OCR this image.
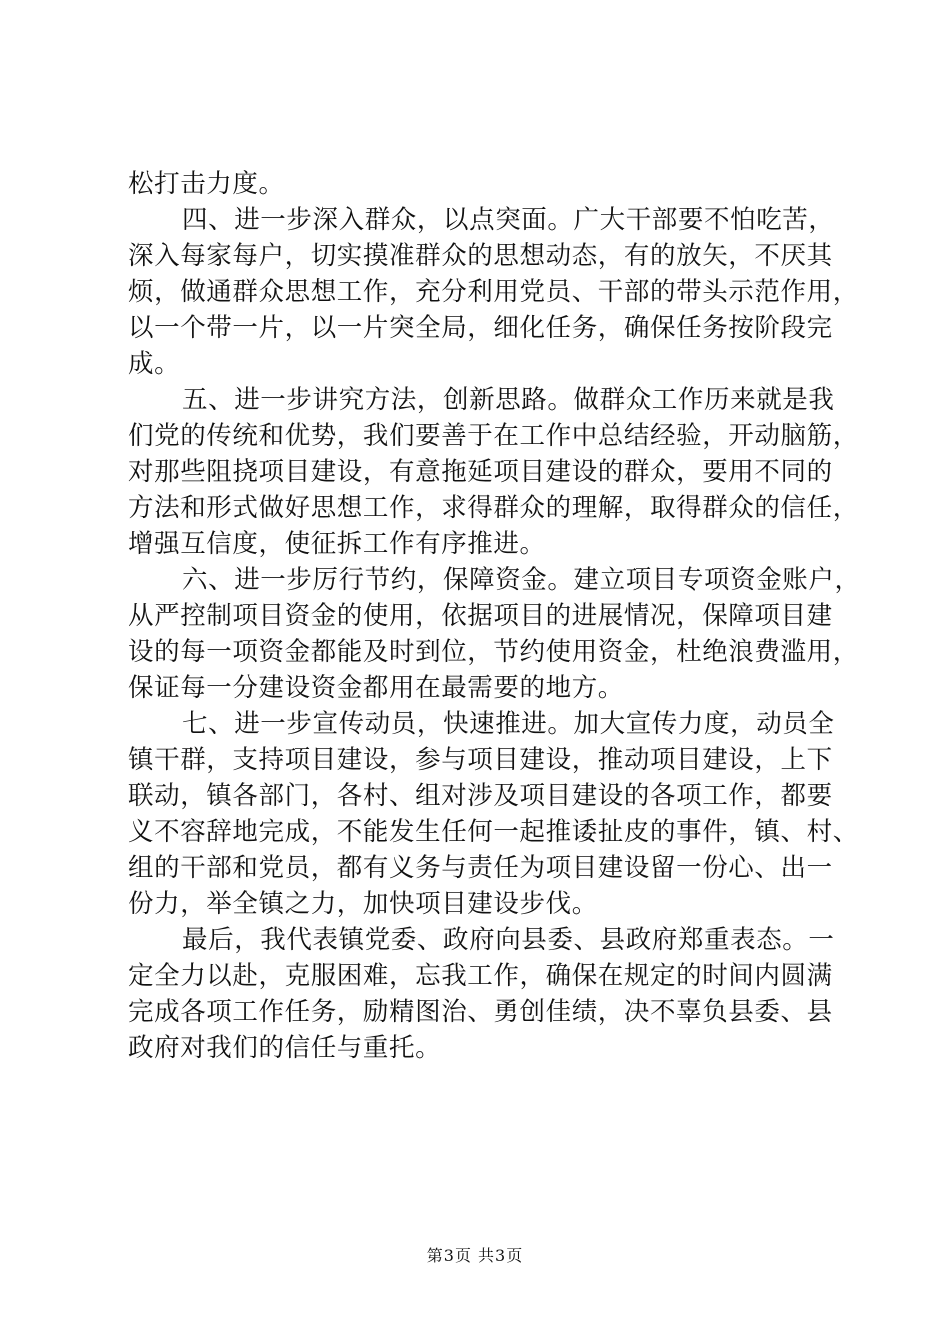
松打击力度。
四、进一步深入群众，以点突面。广大干部要不怕吃苦，
深入每家每户，切实摸准群众的思想动态，有的放矢，不厌其
烦，做通群众思想工作，充分利用党员、干部的带头示范作用，
以一个带一片，以一片突全局，细化任务，确保任务按阶段完
成。
五、进一步讲究方法，创新思路。做群众工作历来就是我
们党的传统和优势，我们要善于在工作中总结经验，开动脑筋，
对那些阻挠项目建设，有意拖延项目建设的群众，要用不同的
方法和形式做好思想工作，求得群众的理解，取得群众的信任，
增强互信度，使征拆工作有序推进。
六、进一步厉行节约，保障资金。建立项目专项资金账户，
从严控制项目资金的使用，依据项目的进展情况，保障项目建
设的每一项资金都能及时到位，节约使用资金，杜绝浪费滥用，
保证每一分建设资金都用在最需要的地方。
七、进一步宣传动员，快速推进。加大宣传力度，动员全
镇干群，支持项目建设，参与项目建设，推动项目建设，上下
联动，镇各部门，各村、组对涉及项目建设的各项工作，都要
义不容辞地完成，不能发生任何一起推诿扯皮的事件，镇、村、
组的干部和党员，都有义务与责任为项目建设留一份心、出一
份力，举全镇之力，加快项目建设步伐。
最后，我代表镇党委、政府向县委、县政府郑重表态。一
定全力以赴，克服困难，忘我工作，确保在规定的时间内圆满
完成各项工作任务，励精图治、勇创佳绩，决不辜负县委、县
政府对我们的信任与重托。
第3页 共3页
